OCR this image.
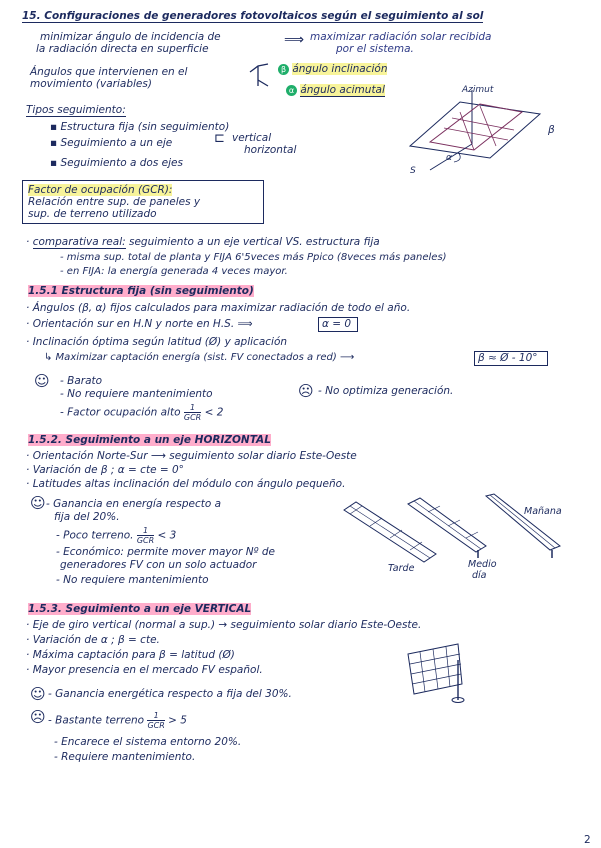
15. Configuraciones de generadores fotovoltaicos según el seguimiento al sol
minimizar ángulo de incidencia de
la radiación directa en superficie
⟹ maximizar radiación solar recibida
por el sistema.
Ángulos que intervienen en el
movimiento (variables)
β ángulo inclinación
α ángulo acimutal	Azimut
β
S
α
Tipos seguimiento:
▪ Estructura fija (sin seguimiento)
▪ Seguimiento a un eje	⊏ vertical
horizontal
▪ Seguimiento a dos ejes
Factor de ocupación (GCR):
Relación entre sup. de paneles y
sup. de terreno utilizado
· comparativa real: seguimiento a un eje vertical VS. estructura fija
- misma sup. total de planta y FIJA 6'5veces más Ppico (8veces más paneles)
- en FIJA: la energía generada 4 veces mayor.
1.5.1 Estructura fija (sin seguimiento)
· Ángulos (β, α) fijos calculados para maximizar radiación de todo el año.
· Orientación sur en H.N y norte en H.S. ⟹	α = 0
· Inclinación óptima según latitud (Ø) y aplicación
↳ Maximizar captación energía (sist. FV conectados a red) ⟶	β ≈ Ø - 10°
☺ - Barato
- No requiere mantenimiento
- Factor ocupación alto $\frac{1}{\text{GCR}} < 2$
☹ - No optimiza generación.
1.5.2. Seguimiento a un eje HORIZONTAL
· Orientación Norte-Sur ⟶ seguimiento solar diario Este-Oeste
· Variación de β ; α = cte = 0°
· Latitudes altas inclinación del módulo con ángulo pequeño.
☺ - Ganancia en energía respecto a
fija del 20%.
- Poco terreno. $\frac{1}{\text{GCR}} < 3$
- Económico: permite mover mayor Nº de
generadores FV con un solo actuador
- No requiere mantenimiento
Tarde	Medio
día
Mañana
1.5.3. Seguimiento a un eje VERTICAL
· Eje de giro vertical (normal a sup.) → seguimiento solar diario Este-Oeste.
· Variación de α ; β = cte.
· Máxima captación para β = latitud (Ø)
· Mayor presencia en el mercado FV español.
☺ - Ganancia energética respecto a fija del 30%.
☹ - Bastante terreno $\frac{1}{\text{GCR}} > 5$
- Encarece el sistema entorno 20%.
- Requiere mantenimiento.
2
